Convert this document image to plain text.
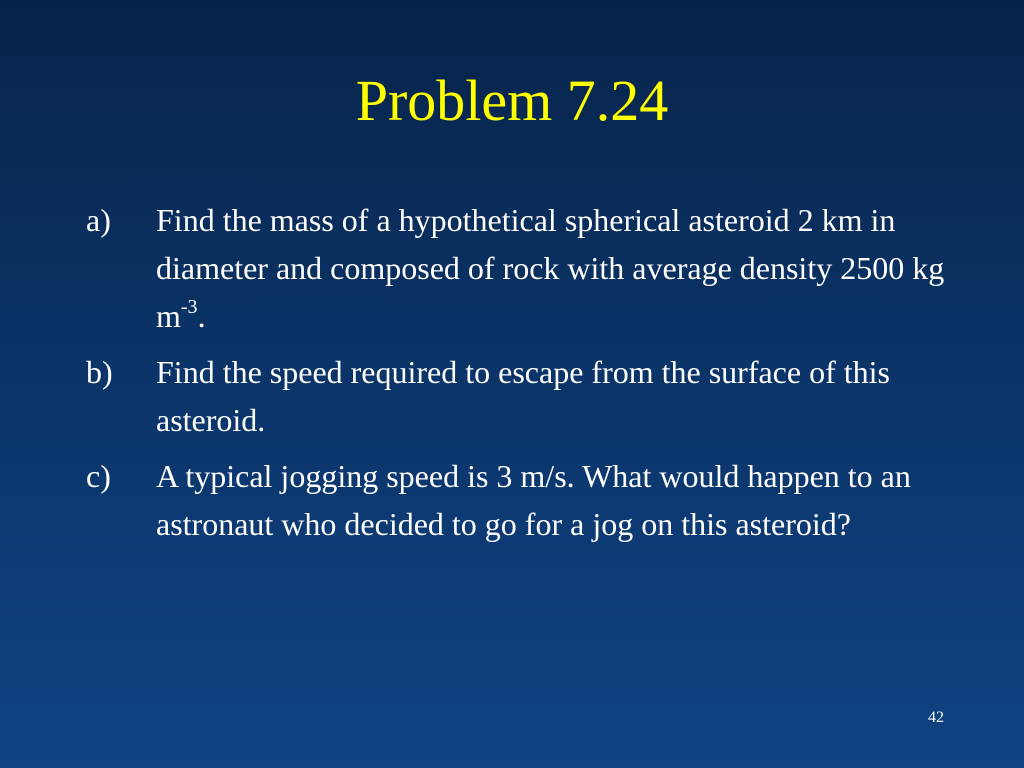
Problem 7.24
a) Find the mass of a hypothetical spherical asteroid 2 km in diameter and composed of rock with average density 2500 kg $m^{-3}$.
b) Find the speed required to escape from the surface of this asteroid.
c) A typical jogging speed is 3 m/s. What would happen to an astronaut who decided to go for a jog on this asteroid?
42
